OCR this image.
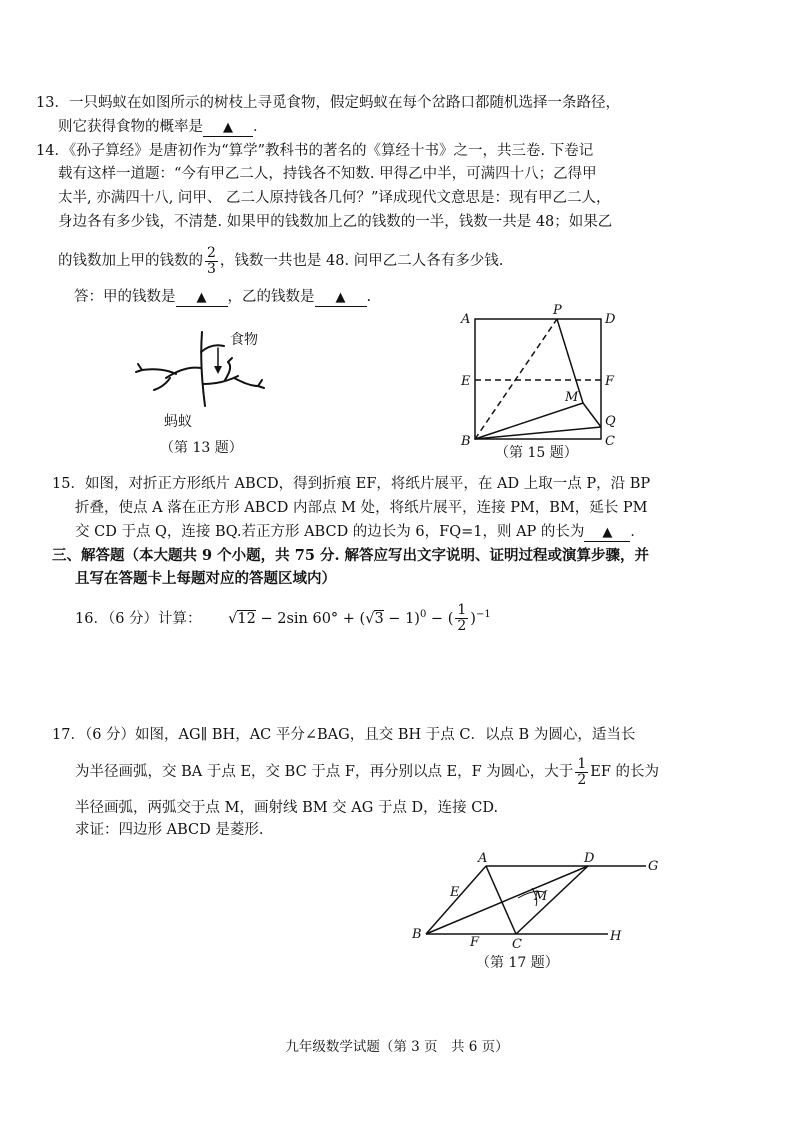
13．一只蚂蚁在如图所示的树枝上寻觅食物，假定蚂蚁在每个岔路口都随机选择一条路径，
则它获得食物的概率是 ▲ ．
14．《孙子算经》是唐初作为“算学”教科书的著名的《算经十书》之一，共三卷. 下卷记
载有这样一道题：“今有甲乙二人，持钱各不知数. 甲得乙中半，可满四十八；乙得甲
太半, 亦满四十八, 问甲、 乙二人原持钱各几何？”译成现代文意思是：现有甲乙二人，
身边各有多少钱，不清楚. 如果甲的钱数加上乙的钱数的一半，钱数一共是 48；如果乙
的钱数加上甲的钱数的 $\frac{2}{3}$ ，钱数一共也是 48. 问甲乙二人各有多少钱.
答：甲的钱数是 ▲ ，乙的钱数是 ▲ .
食物
蚂蚁
（第 13 题）
A
P
D
E	F
M
Q
B	C
（第 15 题）
15．如图，对折正方形纸片 ABCD，得到折痕 EF，将纸片展平，在 AD 上取一点 P，沿 BP
折叠，使点 A 落在正方形 ABCD 内部点 M 处，将纸片展平，连接 PM，BM，延长 PM
交 CD 于点 Q，连接 BQ.若正方形 ABCD 的边长为 6，FQ=1，则 AP 的长为 ▲ ．
三、解答题（本大题共 9 个小题，共 75 分. 解答应写出文字说明、证明过程或演算步骤，并
且写在答题卡上每题对应的答题区域内）
16．（6 分）计算： √12 − 2sin $60^\circ + (√3 - 1)^0$ − ( $\frac{1}{2} )^{-1}$
17．（6 分）如图，AG∥ BH，AC 平分∠BAG，且交 BH 于点 C．以点 B 为圆心，适当长
为半径画弧，交 BA 于点 E，交 BC 于点 F，再分别以点 E，F 为圆心，大于 $\frac{1}{2}$ EF 的长为
半径画弧，两弧交于点 M，画射线 BM 交 AG 于点 D，连接 CD.
求证：四边形 ABCD 是菱形.
A	D
G
E	M
B
F	C
H
（第 17 题）
九年级数学试题（第 3 页　共 6 页）
